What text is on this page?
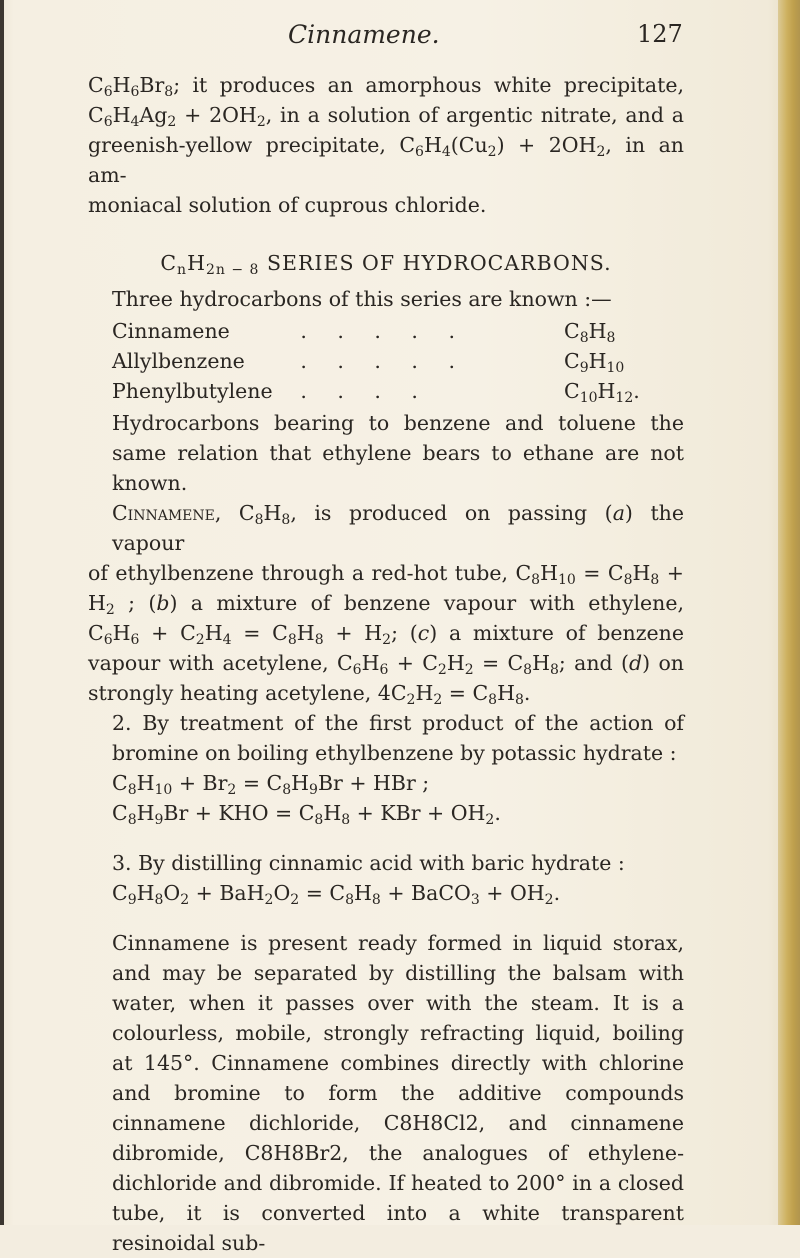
Cinnamene.	127

$C_6H_6Br_8$; it produces an amorphous white precipitate,
$C_6H_4Ag_2 + 2OH_2$, in a solution of argentic nitrate, and a
greenish-yellow precipitate, $C_6H_4(Cu_2) + 2OH_2$, in an am-
moniacal solution of cuprous chloride.

$C_nH_{2n - 8}$ SERIES OF HYDROCARBONS.

Three hydrocarbons of this series are known :—

Cinnamene	. . . . .	$C_8H_8$
Allylbenzene	. . . . .	$C_9H_{10}$
Phenylbutylene	. . . .	$C_{10}H_{12}$.

Hydrocarbons bearing to benzene and toluene the same relation that ethylene bears to ethane are not known.

Cinnamene, $C_8H_8$, is produced on passing (a) the vapour
of ethylbenzene through a red-hot tube, $C_8H_{10} = C_8H_8$ +
$H_2$ ; (b) a mixture of benzene vapour with ethylene,
$C_6H_6 + C_2H_4 = C_8H_8 + H_2$; (c) a mixture of benzene
vapour with acetylene, $C_6H_6 + C_2H_2 = C_8H_8$; and (d) on
strongly heating acetylene, $4C_2H_2 = C_8H_8$.

2. By treatment of the first product of the action of bromine on boiling ethylbenzene by potassic hydrate :

$C_8H_{10} + Br_2 = C_8H_9Br$ + HBr ;
$C_8H_9Br$ + KHO = $C_8H_8$ + KBr + $OH_2$.

3. By distilling cinnamic acid with baric hydrate :

$C_9H_8O_2 + BaH_2O_2 = C_8H_8$ + BaCO$_3$ + $OH_2$.

Cinnamene is present ready formed in liquid storax, and may be separated by distilling the balsam with water, when it passes over with the steam. It is a colourless, mobile, strongly refracting liquid, boiling at 145°. Cinnamene combines directly with chlorine and bromine to form the additive compounds cinnamene dichloride, C8H8Cl2, and cinnamene dibromide, C8H8Br2, the analogues of ethylene-dichloride and dibromide. If heated to 200° in a closed tube, it is converted into a white transparent resinoidal sub-
